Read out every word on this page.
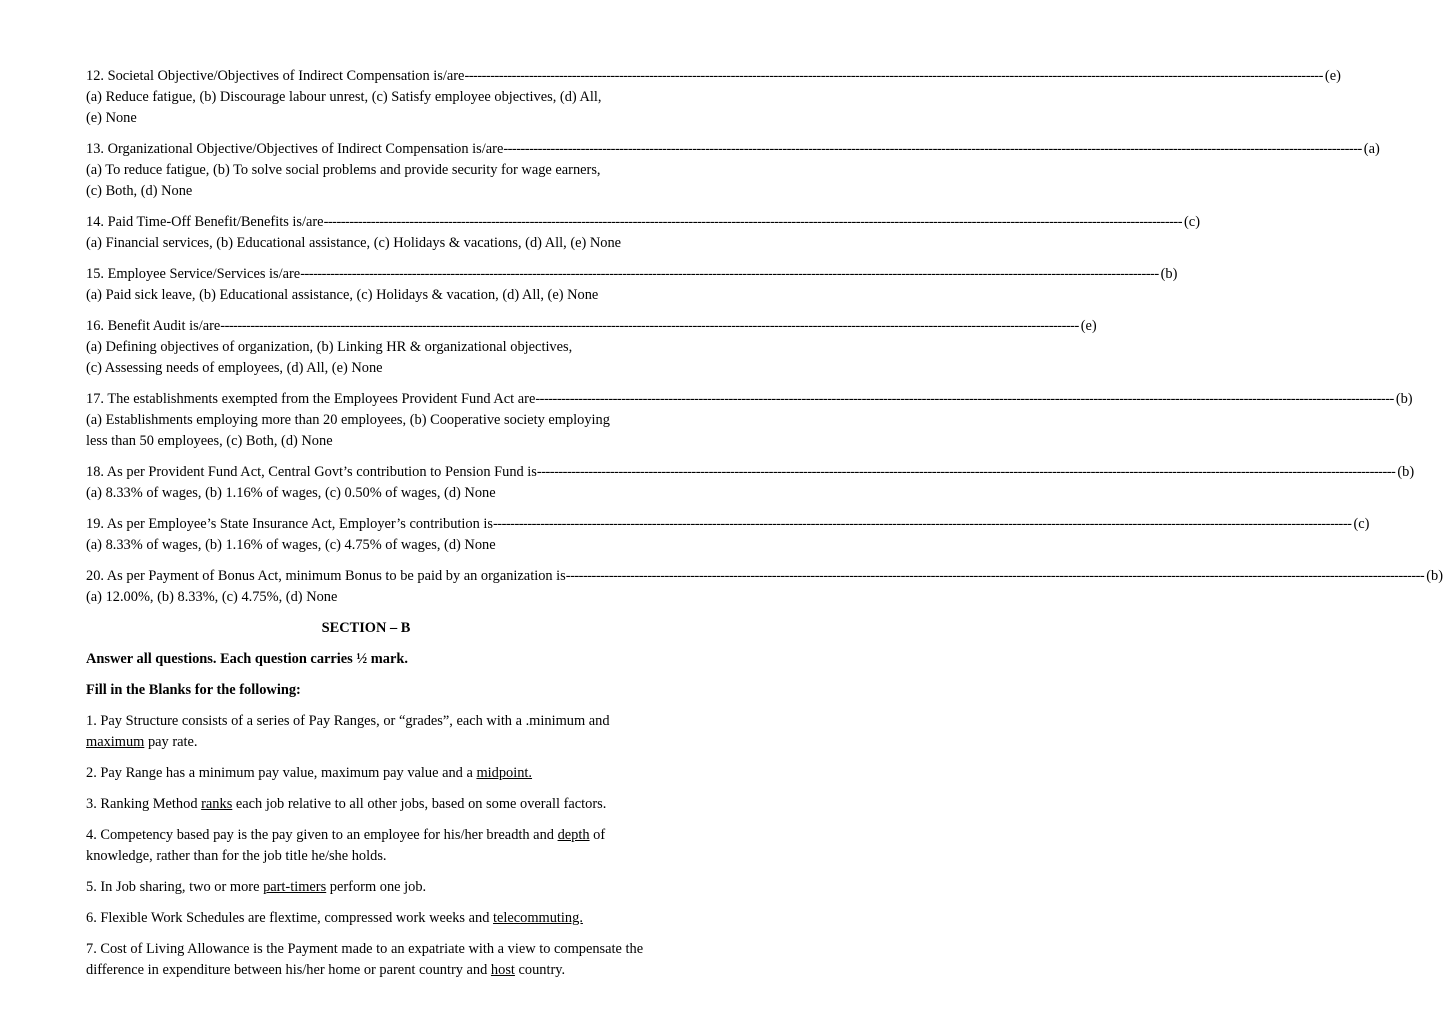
12. Societal Objective/Objectives of Indirect Compensation is/are -------------------------------------------------------------------------------------------------------------------------------------------------------------------------------------------------------- (e)
(a) Reduce fatigue, (b) Discourage labour unrest, (c) Satisfy employee objectives, (d) All,
(e) None
13. Organizational Objective/Objectives of Indirect Compensation is/are -------------------------------------------------------------------------------------------------------------------------------------------------------------------------------------------------------- (a)
(a) To reduce fatigue, (b) To solve social problems and provide security for wage earners,
(c) Both, (d) None
14. Paid Time-Off Benefit/Benefits is/are -------------------------------------------------------------------------------------------------------------------------------------------------------------------------------------------------------- (c)
(a) Financial services, (b) Educational assistance, (c) Holidays & vacations, (d) All, (e) None
15. Employee Service/Services is/are -------------------------------------------------------------------------------------------------------------------------------------------------------------------------------------------------------- (b)
(a) Paid sick leave, (b) Educational assistance, (c) Holidays & vacation, (d) All, (e) None
16. Benefit Audit is/are -------------------------------------------------------------------------------------------------------------------------------------------------------------------------------------------------------- (e)
(a) Defining objectives of organization, (b) Linking HR & organizational objectives,
(c) Assessing needs of employees, (d) All, (e) None
17. The establishments exempted from the Employees Provident Fund Act are -------------------------------------------------------------------------------------------------------------------------------------------------------------------------------------------------------- (b)
(a) Establishments employing more than 20 employees, (b) Cooperative society employing
less than 50 employees, (c) Both, (d) None
18. As per Provident Fund Act, Central Govt’s contribution to Pension Fund is -------------------------------------------------------------------------------------------------------------------------------------------------------------------------------------------------------- (b)
(a) 8.33% of wages, (b) 1.16% of wages, (c) 0.50% of wages, (d) None
19. As per Employee’s State Insurance Act, Employer’s contribution is -------------------------------------------------------------------------------------------------------------------------------------------------------------------------------------------------------- (c)
(a) 8.33% of wages, (b) 1.16% of wages, (c) 4.75% of wages, (d) None
20. As per Payment of Bonus Act, minimum Bonus to be paid by an organization is -------------------------------------------------------------------------------------------------------------------------------------------------------------------------------------------------------- (b)
(a) 12.00%, (b) 8.33%, (c) 4.75%, (d) None
SECTION – B
Answer all questions. Each question carries ½ mark.
Fill in the Blanks for the following:
1. Pay Structure consists of a series of Pay Ranges, or “grades”, each with a .minimum and maximum pay rate.
2. Pay Range has a minimum pay value, maximum pay value and a midpoint.
3. Ranking Method ranks each job relative to all other jobs, based on some overall factors.
4. Competency based pay is the pay given to an employee for his/her breadth and depth of knowledge, rather than for the job title he/she holds.
5. In Job sharing, two or more part-timers perform one job.
6. Flexible Work Schedules are flextime, compressed work weeks and telecommuting.
7. Cost of Living Allowance is the Payment made to an expatriate with a view to compensate the difference in expenditure between his/her home or parent country and host country.
